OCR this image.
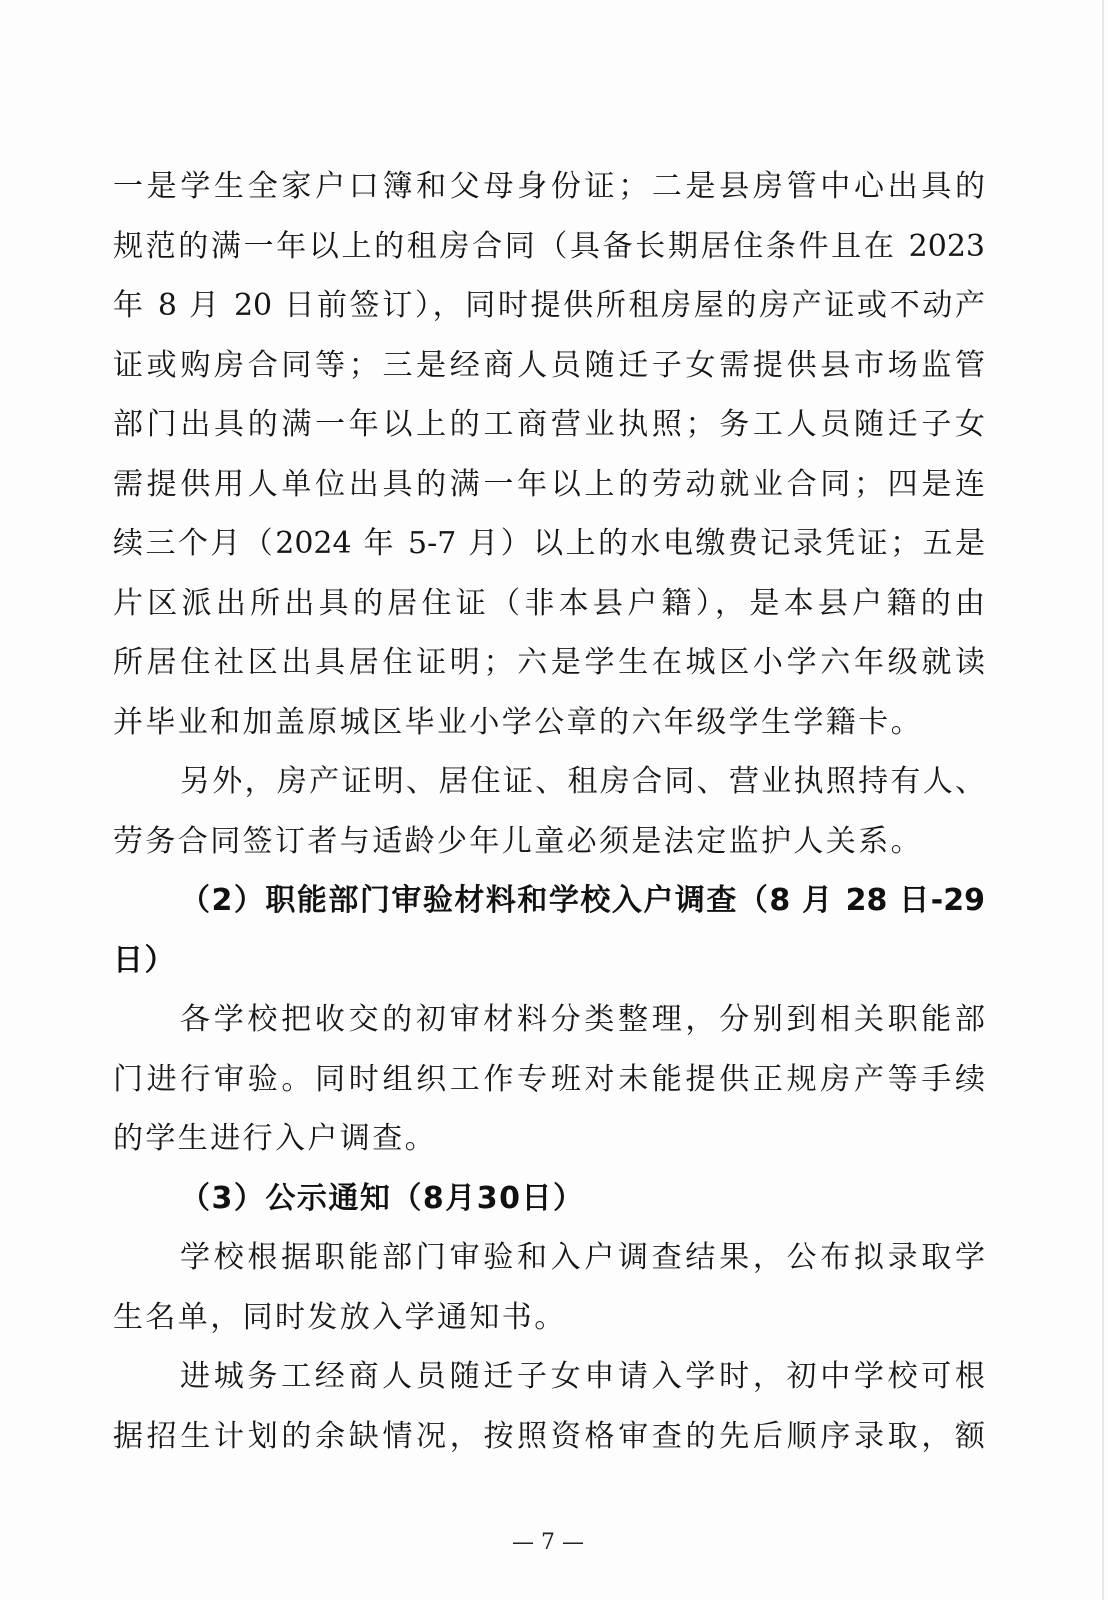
一是学生全家户口簿和父母身份证；二是县房管中心出具的
规范的满一年以上的租房合同（具备长期居住条件且在 2023
年 8 月 20 日前签订），同时提供所租房屋的房产证或不动产
证或购房合同等；三是经商人员随迁子女需提供县市场监管
部门出具的满一年以上的工商营业执照；务工人员随迁子女
需提供用人单位出具的满一年以上的劳动就业合同；四是连
续三个月（2024 年 5-7 月）以上的水电缴费记录凭证；五是
片区派出所出具的居住证（非本县户籍），是本县户籍的由
所居住社区出具居住证明；六是学生在城区小学六年级就读
并毕业和加盖原城区毕业小学公章的六年级学生学籍卡。
另外，房产证明、居住证、租房合同、营业执照持有人、
劳务合同签订者与适龄少年儿童必须是法定监护人关系。
（2）职能部门审验材料和学校入户调查（8 月 28 日-29
日）
各学校把收交的初审材料分类整理，分别到相关职能部
门进行审验。同时组织工作专班对未能提供正规房产等手续
的学生进行入户调查。
（3）公示通知（8月30日）
学校根据职能部门审验和入户调查结果，公布拟录取学
生名单，同时发放入学通知书。
进城务工经商人员随迁子女申请入学时，初中学校可根
据招生计划的余缺情况，按照资格审查的先后顺序录取，额
— 7 —
